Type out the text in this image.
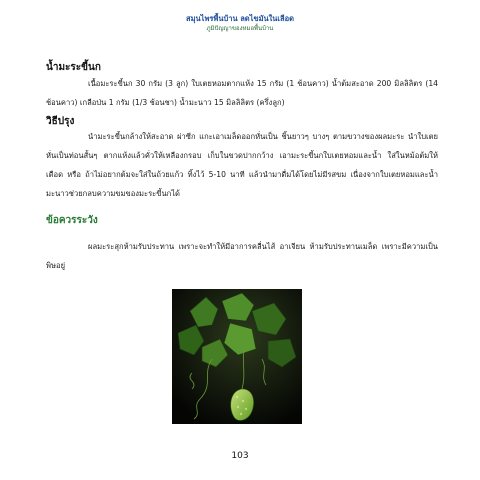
สมุนไพรพื้นบ้าน ลดไขมันในเลือด
ภูมิปัญญาของหมอพื้นบ้าน
น้ำมะระขี้นก
เนื้อมะระขี้นก 30 กรัม (3 ลูก) ใบเตยหอมตากแห้ง 15 กรัม (1 ช้อนคาว) น้ำต้มสะอาด 200 มิลลิลิตร (14 ช้อนคาว) เกลือป่น 1 กรัม (1/3 ช้อนชา) น้ำมะนาว 15 มิลลิลิตร (ครึ่งลูก)
วิธีปรุง
นำมะระขี้นกล้างให้สะอาด ผ่าซีก แกะเอาเมล็ดออกหั่นเป็น ชิ้นยาวๆ บางๆ ตามขวางของผลมะระ นำใบเตย หั่นเป็นท่อนสั้นๆ ตากแห้งแล้วคั่วให้เหลืองกรอบ เก็บในขวดปากกว้าง เอามะระขี้นกใบเตยหอมและน้ำ ใส่ในหม้อต้มให้เดือด หรือ ถ้าไม่อยากต้มจะใส่ในถ้วยแก้ว ทิ้งไว้ 5-10 นาที แล้วนำมาดื่มได้โดยไม่มีรสขม เนื่องจากใบเตยหอมและน้ำมะนาวช่วยกลบความขมของมะระขี้นกได้
ข้อควรระวัง
ผลมะระสุกห้ามรับประทาน เพราะจะทำให้มีอาการคลื่นไส้ อาเจียน ห้ามรับประทานเมล็ด เพราะมีความเป็นพิษอยู่
103
